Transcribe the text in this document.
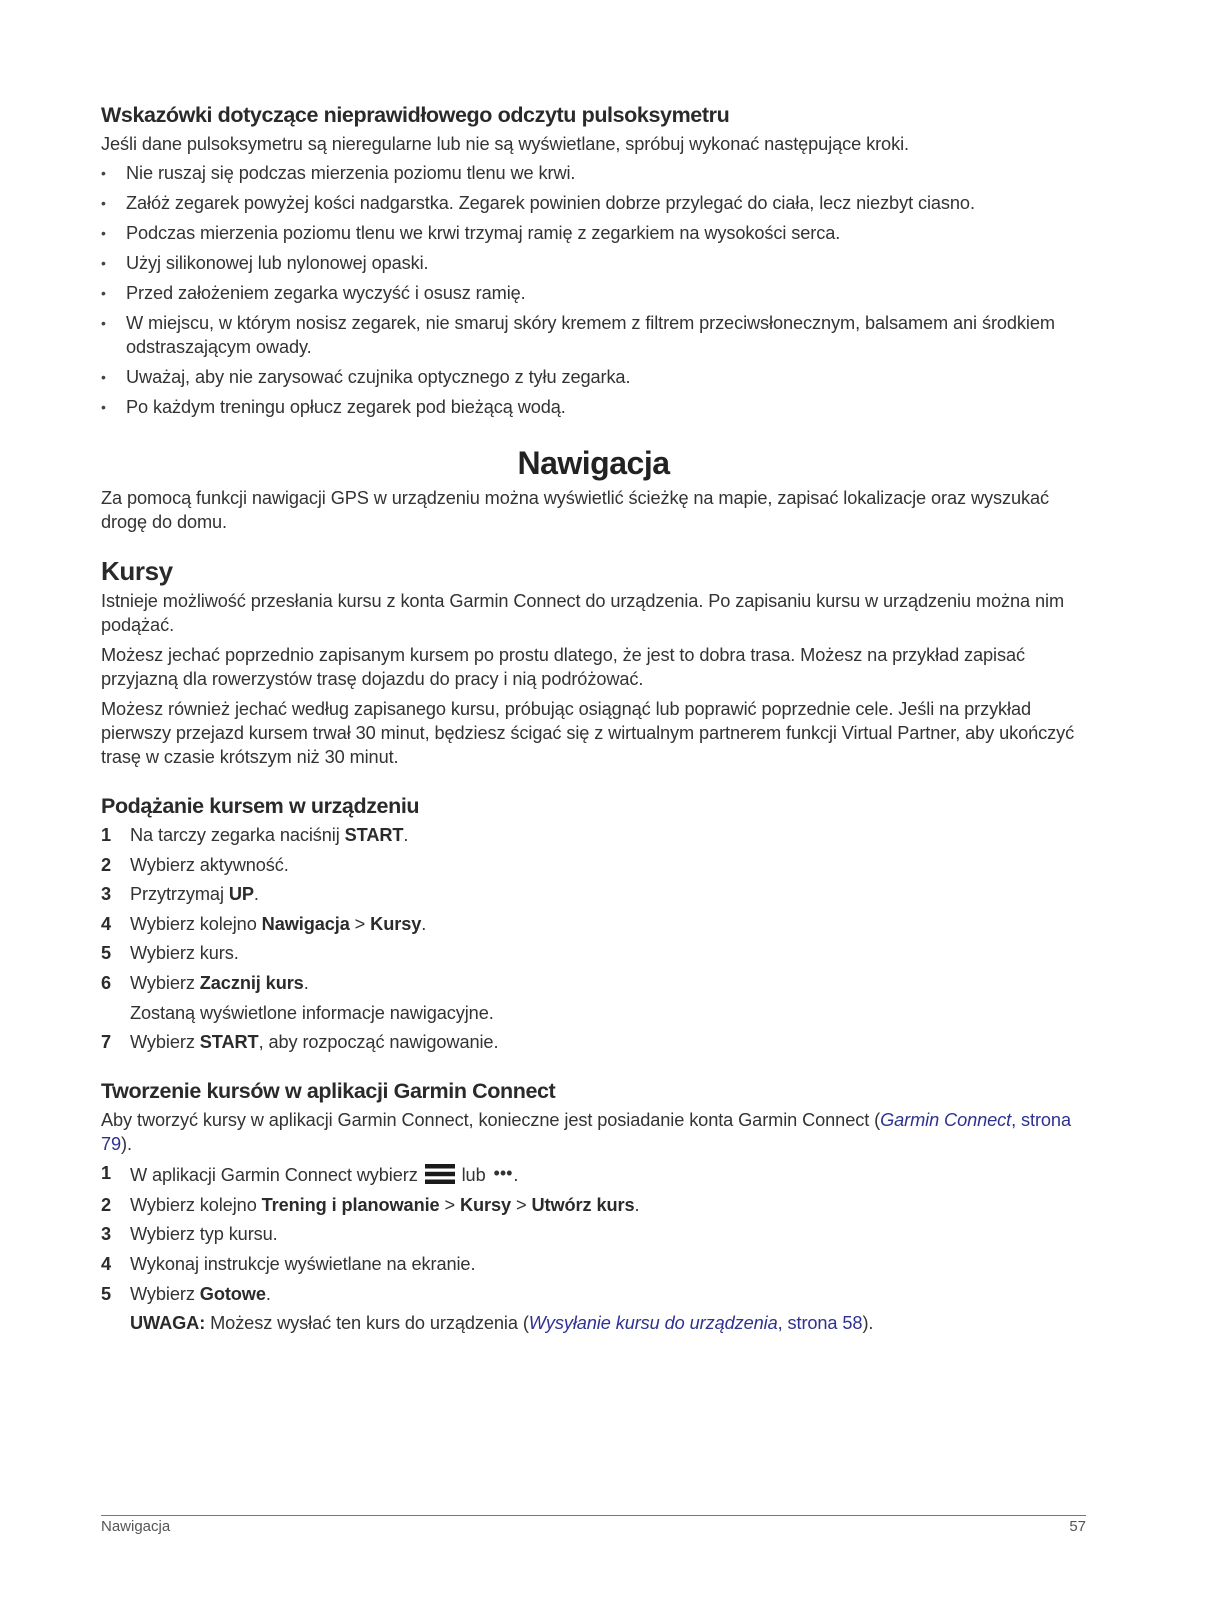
Wskazówki dotyczące nieprawidłowego odczytu pulsoksymetru

Jeśli dane pulsoksymetru są nieregularne lub nie są wyświetlane, spróbuj wykonać następujące kroki.

• Nie ruszaj się podczas mierzenia poziomu tlenu we krwi.
• Załóż zegarek powyżej kości nadgarstka. Zegarek powinien dobrze przylegać do ciała, lecz niezbyt ciasno.
• Podczas mierzenia poziomu tlenu we krwi trzymaj ramię z zegarkiem na wysokości serca.
• Użyj silikonowej lub nylonowej opaski.
• Przed założeniem zegarka wyczyść i osusz ramię.
• W miejscu, w którym nosisz zegarek, nie smaruj skóry kremem z filtrem przeciwsłonecznym, balsamem ani środkiem odstraszającym owady.
• Uważaj, aby nie zarysować czujnika optycznego z tyłu zegarka.
• Po każdym treningu opłucz zegarek pod bieżącą wodą.
Nawigacja

Za pomocą funkcji nawigacji GPS w urządzeniu można wyświetlić ścieżkę na mapie, zapisać lokalizacje oraz wyszukać drogę do domu.

Kursy

Istnieje możliwość przesłania kursu z konta Garmin Connect do urządzenia. Po zapisaniu kursu w urządzeniu można nim podążać.

Możesz jechać poprzednio zapisanym kursem po prostu dlatego, że jest to dobra trasa. Możesz na przykład zapisać przyjazną dla rowerzystów trasę dojazdu do pracy i nią podróżować.

Możesz również jechać według zapisanego kursu, próbując osiągnąć lub poprawić poprzednie cele. Jeśli na przykład pierwszy przejazd kursem trwał 30 minut, będziesz ścigać się z wirtualnym partnerem funkcji Virtual Partner, aby ukończyć trasę w czasie krótszym niż 30 minut.

Podążanie kursem w urządzeniu
1 Na tarczy zegarka naciśnij START.
2 Wybierz aktywność.
3 Przytrzymaj UP.
4 Wybierz kolejno Nawigacja > Kursy.
5 Wybierz kurs.
6 Wybierz Zacznij kurs.
Zostaną wyświetlone informacje nawigacyjne.
7 Wybierz START, aby rozpocząć nawigowanie.
Tworzenie kursów w aplikacji Garmin Connect

Aby tworzyć kursy w aplikacji Garmin Connect, konieczne jest posiadanie konta Garmin Connect (Garmin Connect, strona 79).

1 W aplikacji Garmin Connect wybierz  lub •••.
2 Wybierz kolejno Trening i planowanie > Kursy > Utwórz kurs.
3 Wybierz typ kursu.
4 Wykonaj instrukcje wyświetlane na ekranie.
5 Wybierz Gotowe.
UWAGA: Możesz wysłać ten kurs do urządzenia (Wysyłanie kursu do urządzenia, strona 58).
Nawigacja	57
